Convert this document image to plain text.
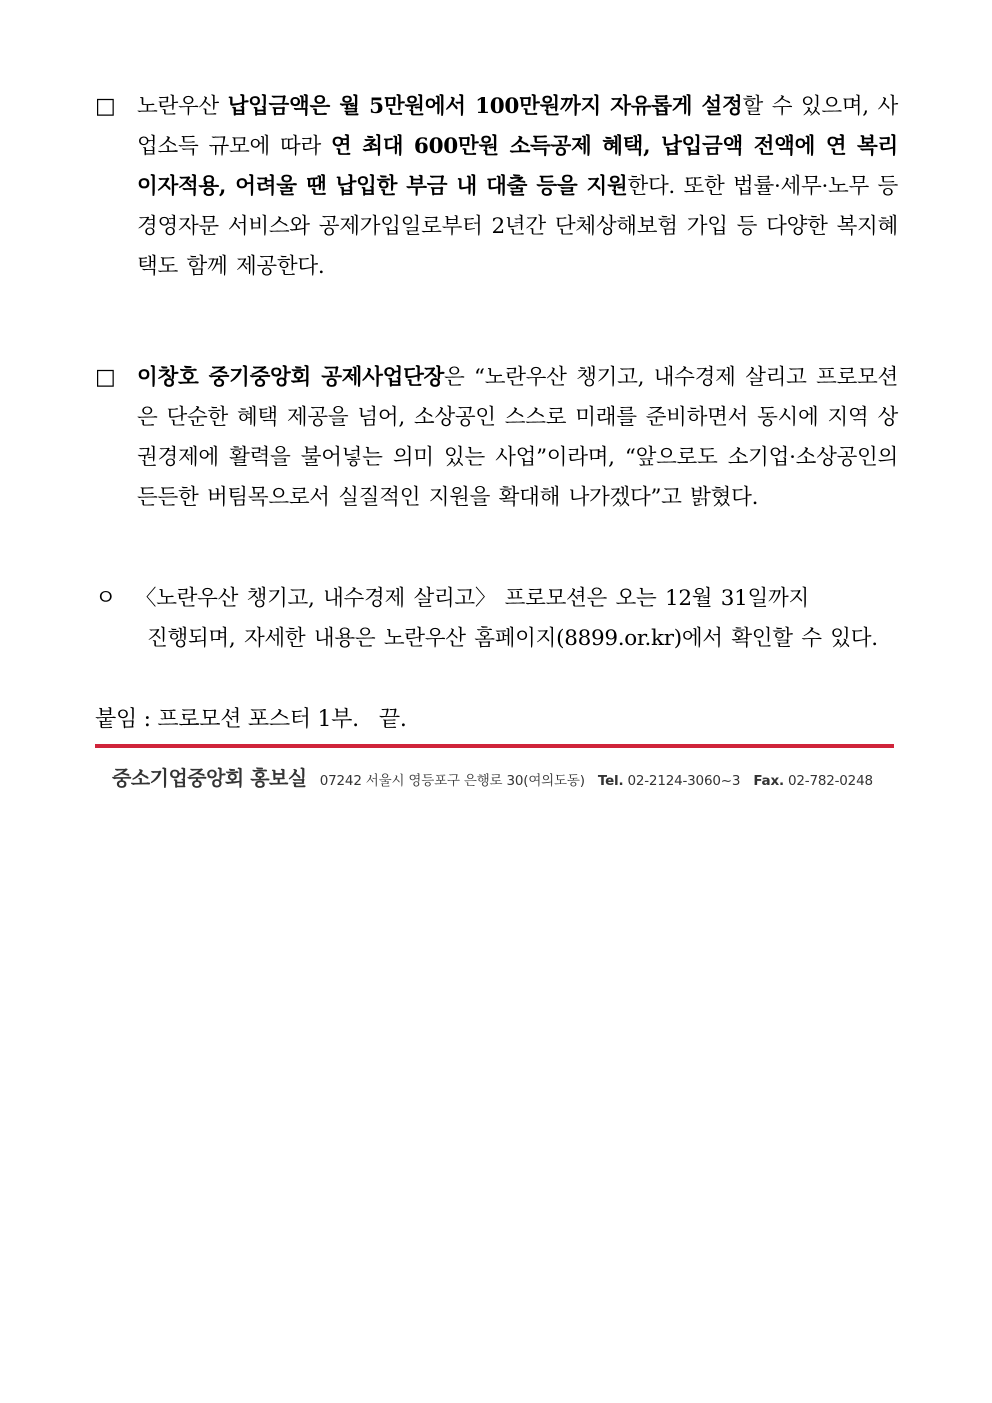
□ 노란우산 납입금액은 월 5만원에서 100만원까지 자유롭게 설정할 수 있으며, 사업소득 규모에 따라 연 최대 600만원 소득공제 혜택, 납입금액 전액에 연 복리 이자적용, 어려울 땐 납입한 부금 내 대출 등을 지원한다. 또한 법률·세무·노무 등 경영자문 서비스와 공제가입일로부터 2년간 단체상해보험 가입 등 다양한 복지혜택도 함께 제공한다.
□ 이창호 중기중앙회 공제사업단장은 “노란우산 챙기고, 내수경제 살리고 프로모션은 단순한 혜택 제공을 넘어, 소상공인 스스로 미래를 준비하면서 동시에 지역 상권경제에 활력을 불어넣는 의미 있는 사업”이라며, “앞으로도 소기업·소상공인의 든든한 버팀목으로서 실질적인 지원을 확대해 나가겠다”고 밝혔다.
ㅇ 〈노란우산 챙기고, 내수경제 살리고〉 프로모션은 오는 12월 31일까지
진행되며, 자세한 내용은 노란우산 홈페이지(8899.or.kr)에서 확인할 수 있다.
붙임 : 프로모션 포스터 1부.   끝.
중소기업중앙회 홍보실 07242 서울시 영등포구 은행로 30(여의도동) Tel. 02-2124-3060~3 Fax. 02-782-0248
